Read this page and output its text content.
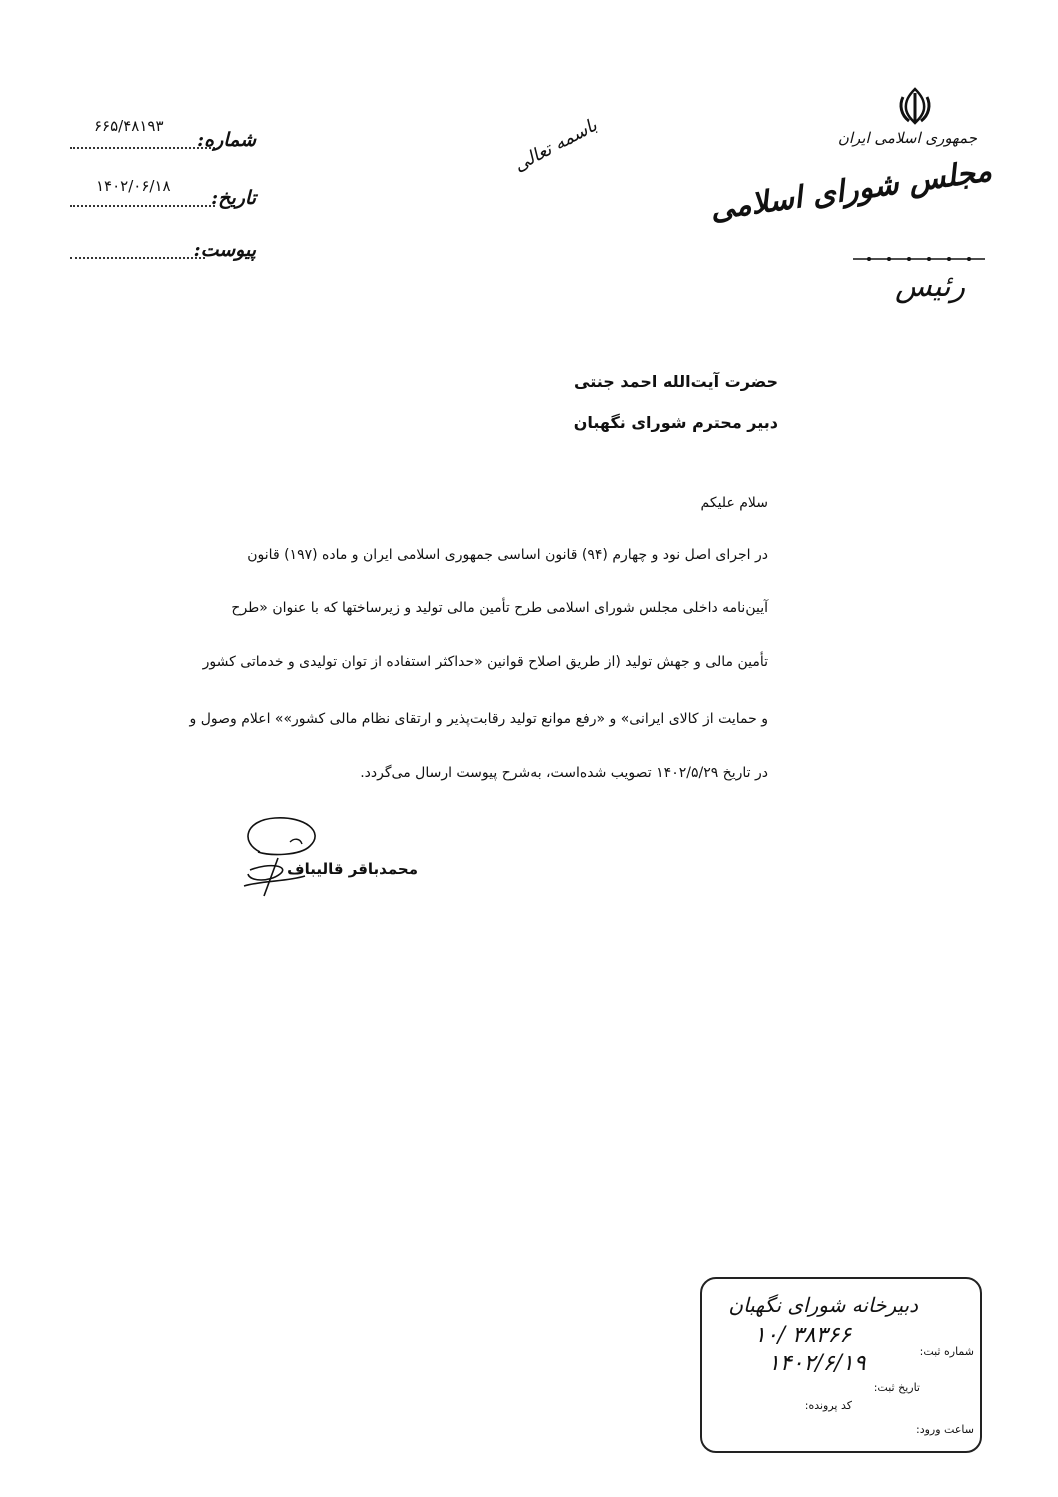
۶۶۵/۴۸۱۹۳
شماره:
۱۴۰۲/۰۶/۱۸
تاریخ:
پیوست:
باسمه تعالی	جمهوری اسلامی ایران
مجلس شورای اسلامی
رئیس
حضرت آیت‌الله احمد جنتی
دبیر محترم شورای نگهبان
سلام علیکم
در اجرای اصل نود و چهارم (۹۴) قانون اساسی جمهوری اسلامی ایران و ماده (۱۹۷) قانون
آیین‌نامه داخلی مجلس شورای اسلامی طرح تأمین مالی تولید و زیرساختها که با عنوان «طرح
تأمین مالی و جهش تولید (از طریق اصلاح قوانین «حداکثر استفاده از توان تولیدی و خدماتی کشور
و حمایت از کالای ایرانی» و «رفع موانع تولید رقابت‌پذیر و ارتقای نظام مالی کشور»» اعلام وصول و
در تاریخ ۱۴۰۲/۵/۲۹ تصویب شده‌است، به‌شرح پیوست ارسال می‌گردد.
محمدباقر قالیباف
دبیرخانه شورای نگهبان
۱۰/ ۳۸۳۶۶
شماره ثبت:
۱۴۰۲/۶/۱۹
تاریخ ثبت:
کد پرونده:
ساعت ورود:
